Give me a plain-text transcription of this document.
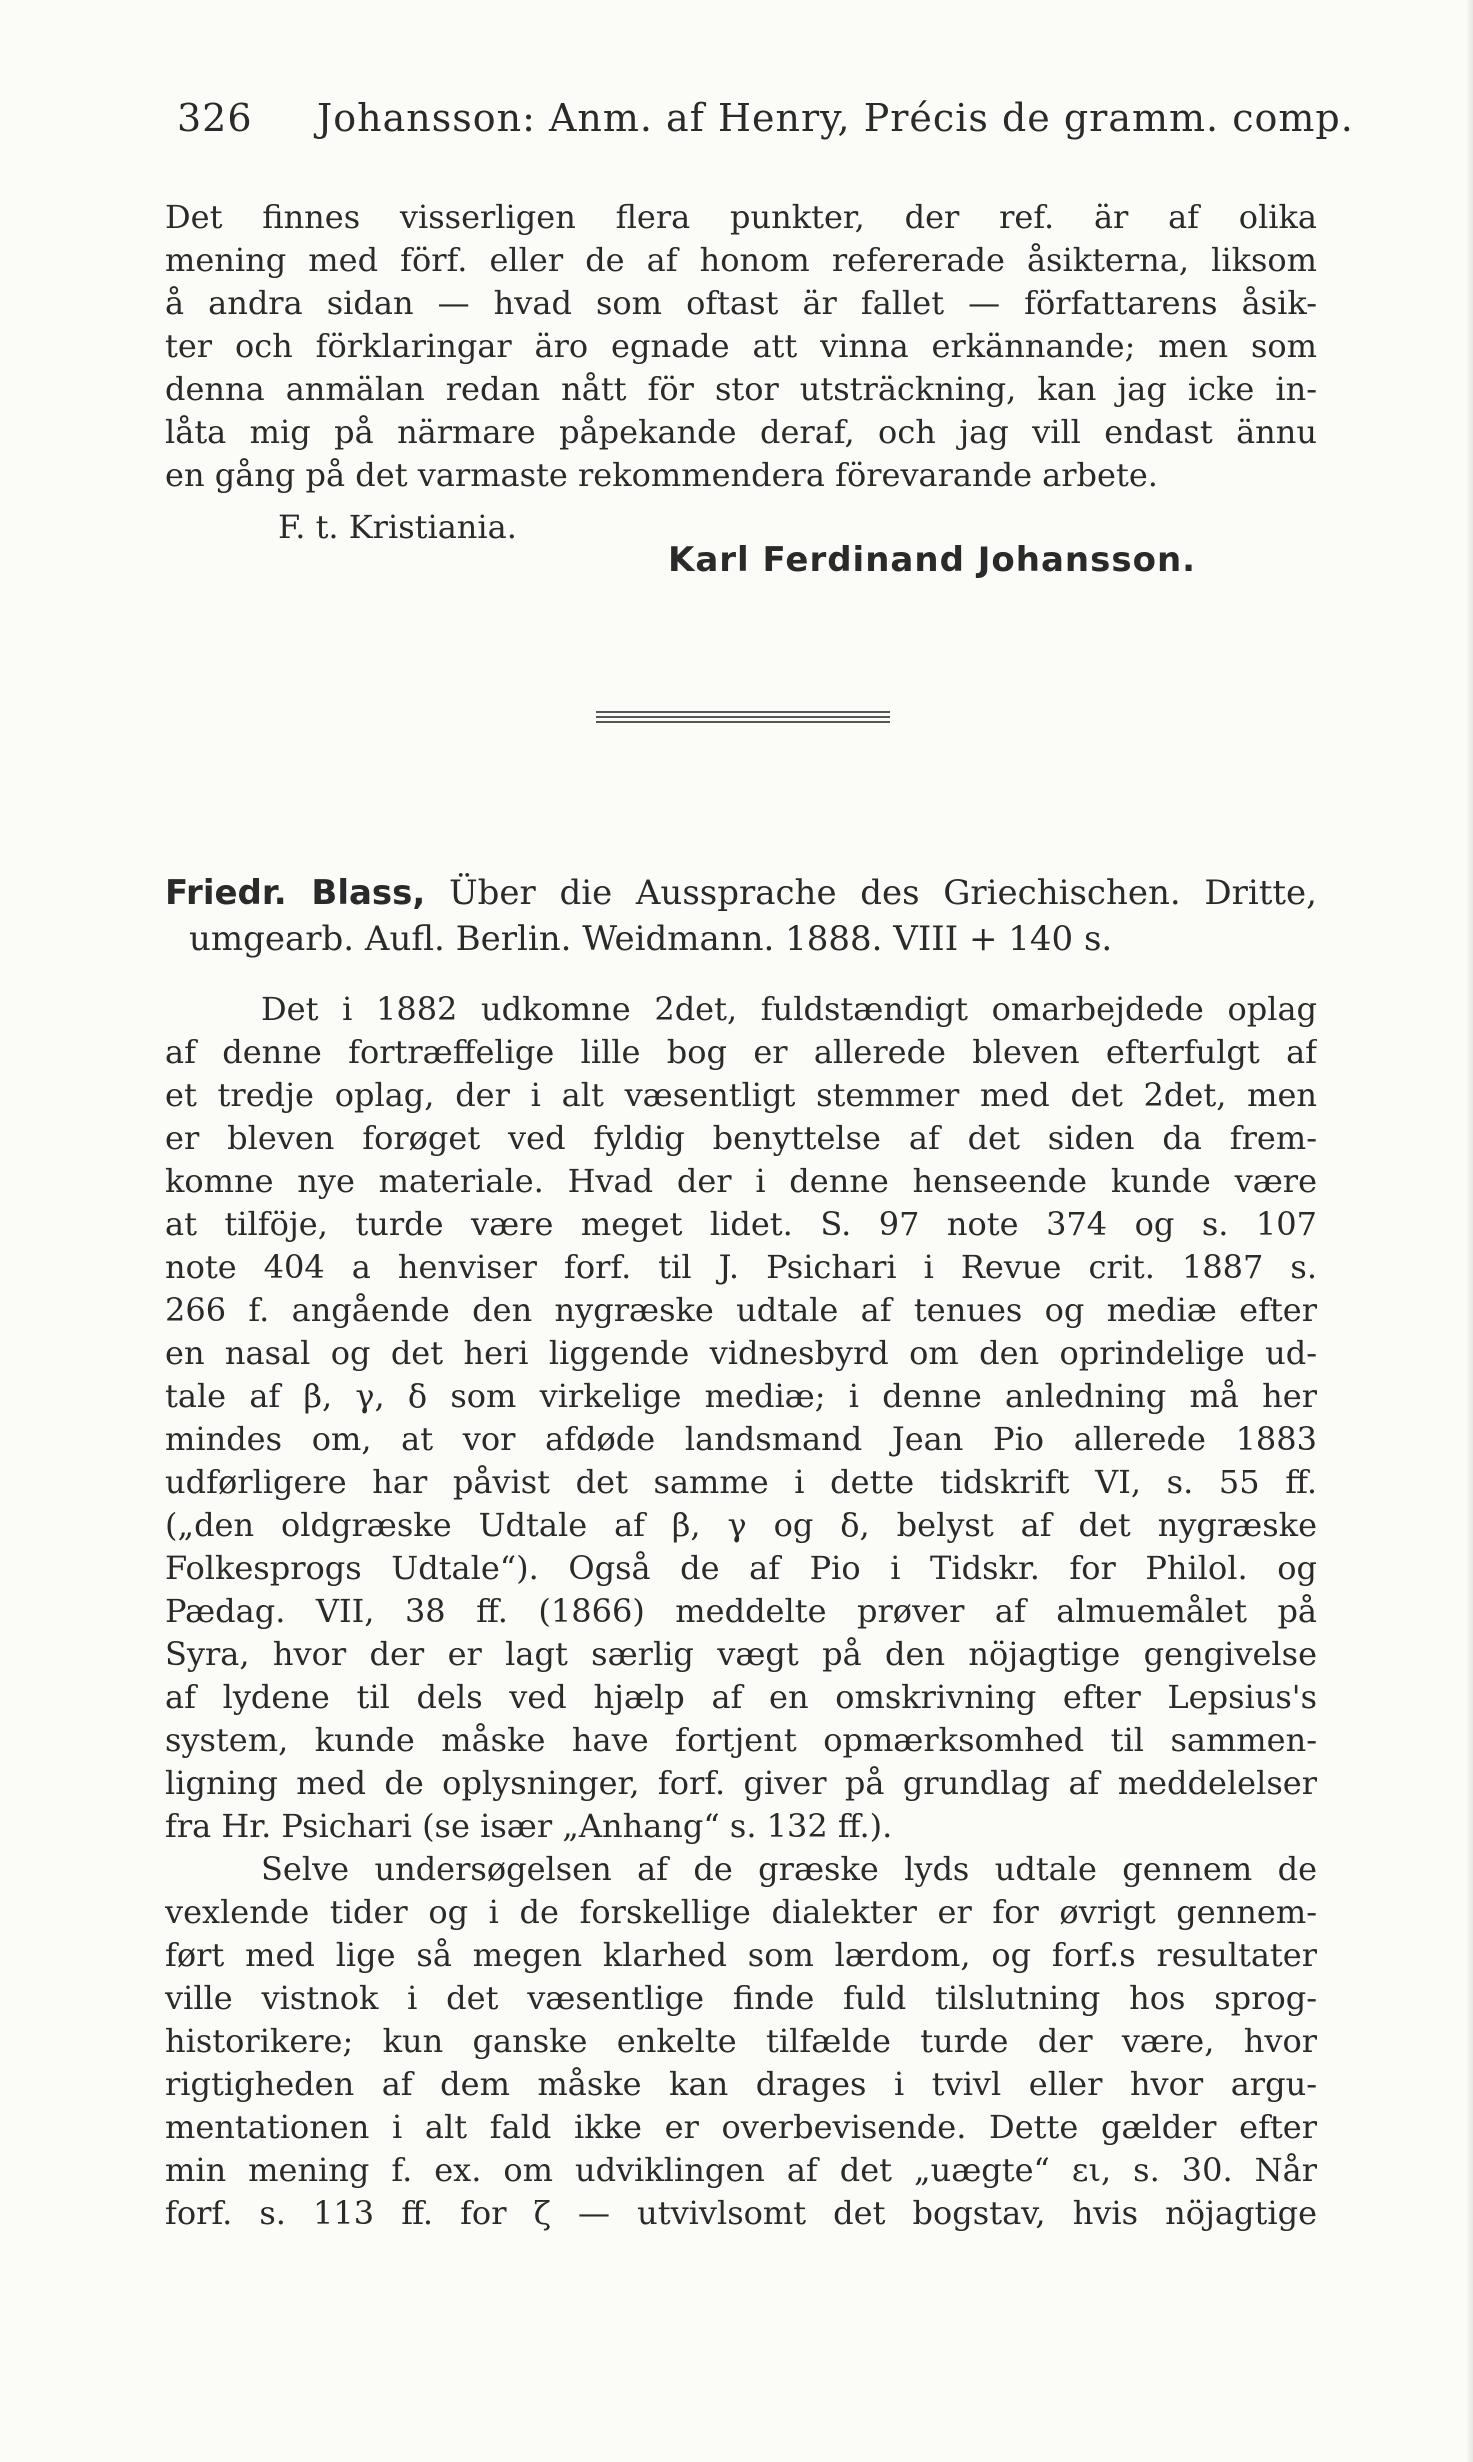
326 Johansson: Anm. af Henry, Précis de gramm. comp.
Det finnes visserligen flera punkter, der ref. är af olika
mening med förf. eller de af honom refererade åsikterna, liksom
å andra sidan — hvad som oftast är fallet — författarens åsik-
ter och förklaringar äro egnade att vinna erkännande; men som
denna anmälan redan nått för stor utsträckning, kan jag icke in-
låta mig på närmare påpekande deraf, och jag vill endast ännu
en gång på det varmaste rekommendera förevarande arbete.
F. t. Kristiania.
Karl Ferdinand Johansson.
Friedr. Blass, Über die Aussprache des Griechischen. Dritte,
umgearb. Aufl. Berlin. Weidmann. 1888. VIII + 140 s.
Det i 1882 udkomne 2det, fuldstændigt omarbejdede oplag
af denne fortræffelige lille bog er allerede bleven efterfulgt af
et tredje oplag, der i alt væsentligt stemmer med det 2det, men
er bleven forøget ved fyldig benyttelse af det siden da frem-
komne nye materiale. Hvad der i denne henseende kunde være
at tilföje, turde være meget lidet. S. 97 note 374 og s. 107
note 404 a henviser forf. til J. Psichari i Revue crit. 1887 s.
266 f. angående den nygræske udtale af tenues og mediæ efter
en nasal og det heri liggende vidnesbyrd om den oprindelige ud-
tale af β, γ, δ som virkelige mediæ; i denne anledning må her
mindes om, at vor afdøde landsmand Jean Pio allerede 1883
udførligere har påvist det samme i dette tidskrift VI, s. 55 ff.
(„den oldgræske Udtale af β, γ og δ, belyst af det nygræske
Folkesprogs Udtale“). Også de af Pio i Tidskr. for Philol. og
Pædag. VII, 38 ff. (1866) meddelte prøver af almuemålet på
Syra, hvor der er lagt særlig vægt på den nöjagtige gengivelse
af lydene til dels ved hjælp af en omskrivning efter Lepsius's
system, kunde måske have fortjent opmærksomhed til sammen-
ligning med de oplysninger, forf. giver på grundlag af meddelelser
fra Hr. Psichari (se især „Anhang“ s. 132 ff.).
Selve undersøgelsen af de græske lyds udtale gennem de
vexlende tider og i de forskellige dialekter er for øvrigt gennem-
ført med lige så megen klarhed som lærdom, og forf.s resultater
ville vistnok i det væsentlige finde fuld tilslutning hos sprog-
historikere; kun ganske enkelte tilfælde turde der være, hvor
rigtigheden af dem måske kan drages i tvivl eller hvor argu-
mentationen i alt fald ikke er overbevisende. Dette gælder efter
min mening f. ex. om udviklingen af det „uægte“ ει, s. 30. Når
forf. s. 113 ff. for ζ — utvivlsomt det bogstav, hvis nöjagtige
